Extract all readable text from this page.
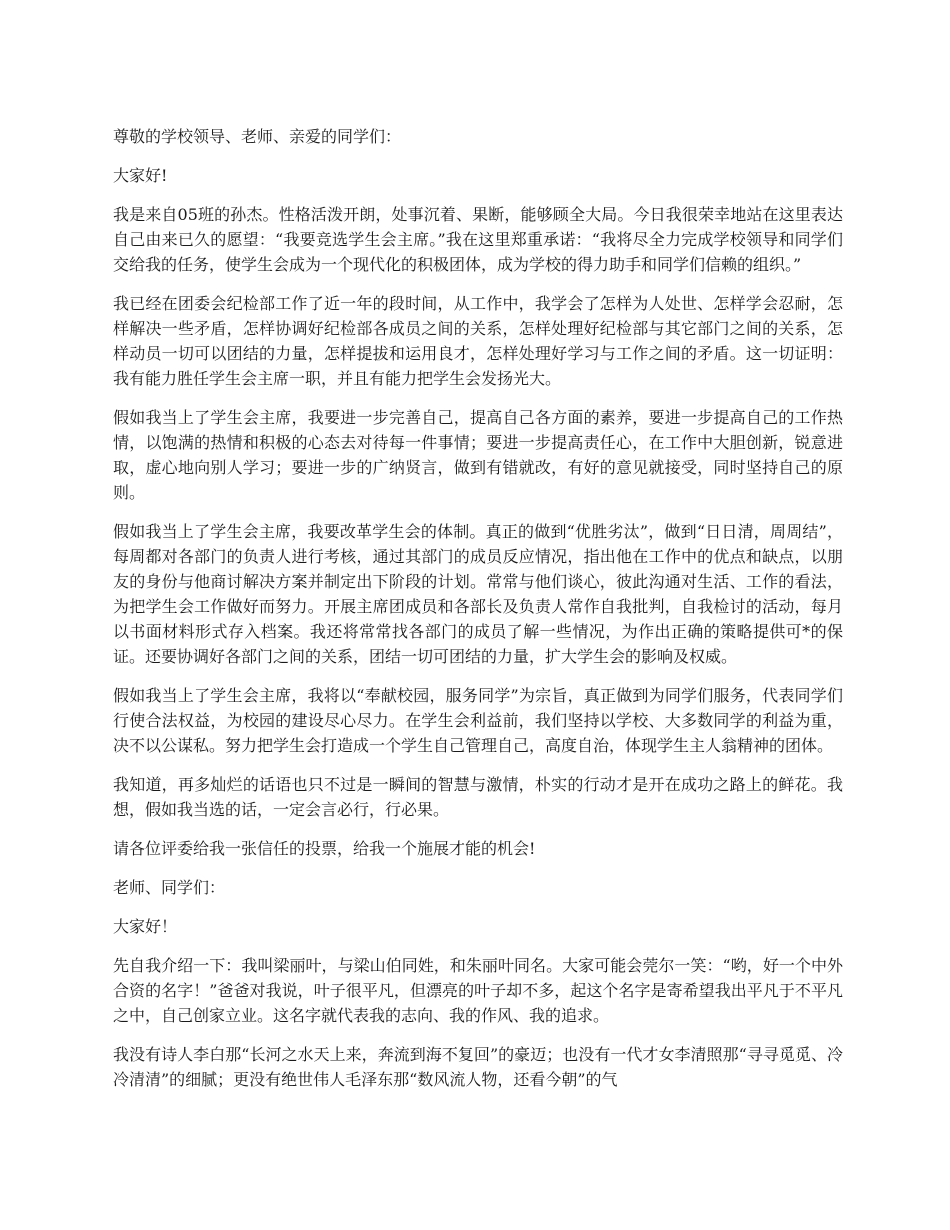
尊敬的学校领导、老师、亲爱的同学们：

大家好!

我是来自05班的孙杰。性格活泼开朗，处事沉着、果断，能够顾全大局。今日我很荣幸地站在这里表达自己由来已久的愿望：“我要竞选学生会主席。”我在这里郑重承诺：“我将尽全力完成学校领导和同学们交给我的任务，使学生会成为一个现代化的积极团体，成为学校的得力助手和同学们信赖的组织。”

我已经在团委会纪检部工作了近一年的段时间，从工作中，我学会了怎样为人处世、怎样学会忍耐，怎样解决一些矛盾，怎样协调好纪检部各成员之间的关系，怎样处理好纪检部与其它部门之间的关系，怎样动员一切可以团结的力量，怎样提拔和运用良才，怎样处理好学习与工作之间的矛盾。这一切证明：我有能力胜任学生会主席一职，并且有能力把学生会发扬光大。

假如我当上了学生会主席，我要进一步完善自己，提高自己各方面的素养，要进一步提高自己的工作热情，以饱满的热情和积极的心态去对待每一件事情；要进一步提高责任心，在工作中大胆创新，锐意进取，虚心地向别人学习；要进一步的广纳贤言，做到有错就改，有好的意见就接受，同时坚持自己的原则。

假如我当上了学生会主席，我要改革学生会的体制。真正的做到“优胜劣汰”，做到“日日清，周周结”，每周都对各部门的负责人进行考核，通过其部门的成员反应情况，指出他在工作中的优点和缺点，以朋友的身份与他商讨解决方案并制定出下阶段的计划。常常与他们谈心，彼此沟通对生活、工作的看法，为把学生会工作做好而努力。开展主席团成员和各部长及负责人常作自我批判，自我检讨的活动，每月以书面材料形式存入档案。我还将常常找各部门的成员了解一些情况，为作出正确的策略提供可*的保证。还要协调好各部门之间的关系，团结一切可团结的力量，扩大学生会的影响及权威。

假如我当上了学生会主席，我将以“奉献校园，服务同学”为宗旨，真正做到为同学们服务，代表同学们行使合法权益，为校园的建设尽心尽力。在学生会利益前，我们坚持以学校、大多数同学的利益为重，决不以公谋私。努力把学生会打造成一个学生自己管理自己，高度自治，体现学生主人翁精神的团体。

我知道，再多灿烂的话语也只不过是一瞬间的智慧与激情，朴实的行动才是开在成功之路上的鲜花。我想，假如我当选的话，一定会言必行，行必果。

请各位评委给我一张信任的投票，给我一个施展才能的机会!

老师、同学们：

大家好！

先自我介绍一下：我叫梁丽叶，与梁山伯同姓，和朱丽叶同名。大家可能会莞尔一笑：“哟，好一个中外合资的名字！”爸爸对我说，叶子很平凡，但漂亮的叶子却不多，起这个名字是寄希望我出平凡于不平凡之中，自己创家立业。这名字就代表我的志向、我的作风、我的追求。

我没有诗人李白那“长河之水天上来，奔流到海不复回”的豪迈；也没有一代才女李清照那“寻寻觅觅、冷冷清清”的细腻；更没有绝世伟人毛泽东那“数风流人物，还看今朝”的气
